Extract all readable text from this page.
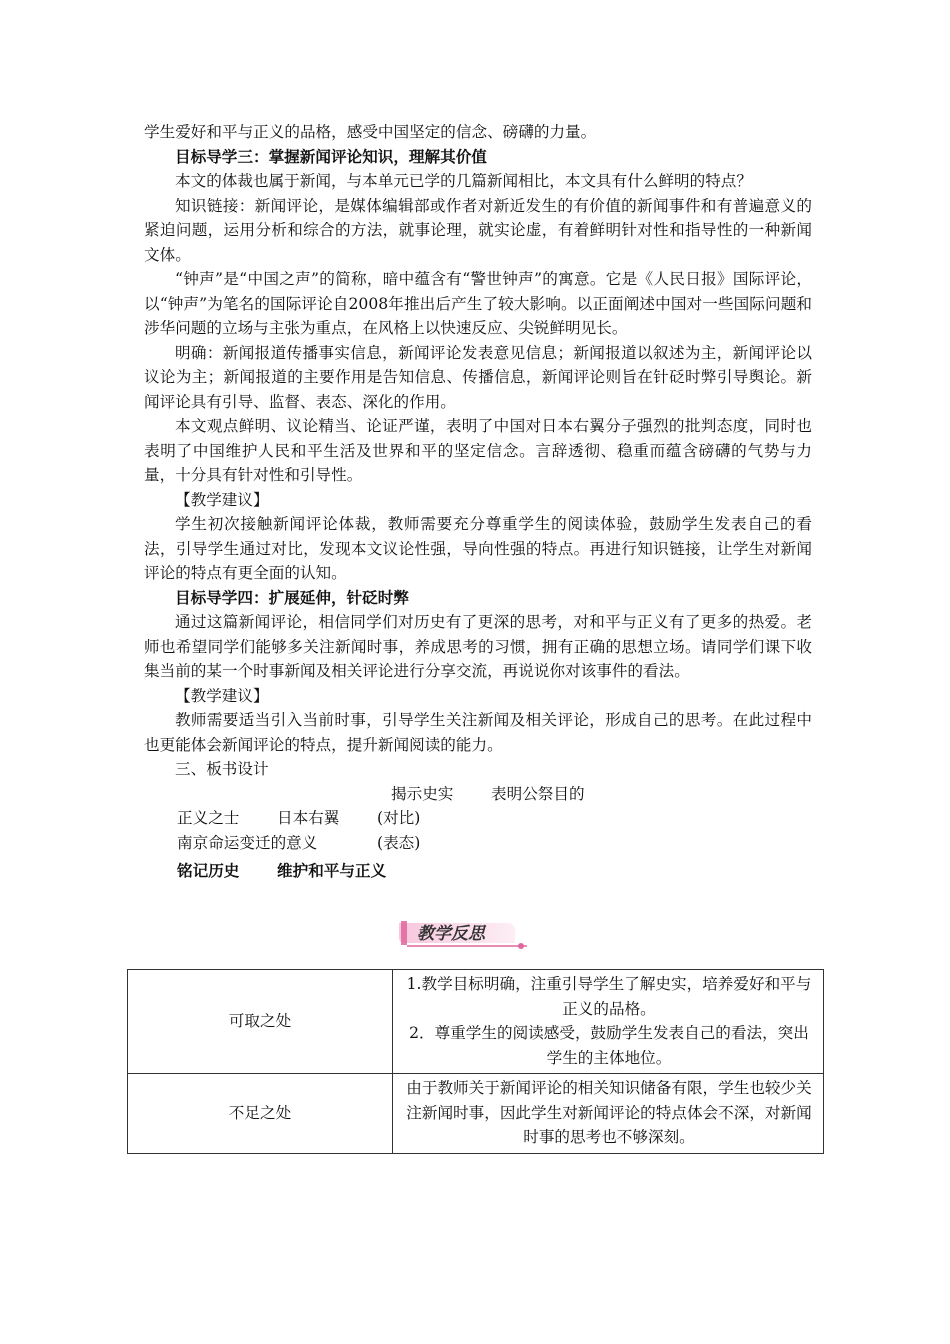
学生爱好和平与正义的品格，感受中国坚定的信念、磅礴的力量。

目标导学三：掌握新闻评论知识，理解其价值

本文的体裁也属于新闻，与本单元已学的几篇新闻相比，本文具有什么鲜明的特点？

知识链接：新闻评论，是媒体编辑部或作者对新近发生的有价值的新闻事件和有普遍意义的紧迫问题，运用分析和综合的方法，就事论理，就实论虚，有着鲜明针对性和指导性的一种新闻文体。

“钟声”是“中国之声”的简称，暗中蕴含有“警世钟声”的寓意。它是《人民日报》国际评论，以“钟声”为笔名的国际评论自2008年推出后产生了较大影响。以正面阐述中国对一些国际问题和涉华问题的立场与主张为重点，在风格上以快速反应、尖锐鲜明见长。

明确：新闻报道传播事实信息，新闻评论发表意见信息；新闻报道以叙述为主，新闻评论以议论为主；新闻报道的主要作用是告知信息、传播信息，新闻评论则旨在针砭时弊引导舆论。新闻评论具有引导、监督、表态、深化的作用。

本文观点鲜明、议论精当、论证严谨，表明了中国对日本右翼分子强烈的批判态度，同时也表明了中国维护人民和平生活及世界和平的坚定信念。言辞透彻、稳重而蕴含磅礴的气势与力量，十分具有针对性和引导性。

【教学建议】

学生初次接触新闻评论体裁，教师需要充分尊重学生的阅读体验，鼓励学生发表自己的看法，引导学生通过对比，发现本文议论性强，导向性强的特点。再进行知识链接，让学生对新闻评论的特点有更全面的认知。

目标导学四：扩展延伸，针砭时弊

通过这篇新闻评论，相信同学们对历史有了更深的思考，对和平与正义有了更多的热爱。老师也希望同学们能够多关注新闻时事，养成思考的习惯，拥有正确的思想立场。请同学们课下收集当前的某一个时事新闻及相关评论进行分享交流，再说说你对该事件的看法。

【教学建议】

教师需要适当引入当前时事，引导学生关注新闻及相关评论，形成自己的思考。在此过程中也更能体会新闻评论的特点，提升新闻阅读的能力。

三、板书设计

揭示史实 表明公祭目的
正义之士 日本右翼 (对比)
南京命运变迁的意义	(表态)
铭记历史 维护和平与正义
教学反思
可取之处	1.教学目标明确，注重引导学生了解史实，培养爱好和平与正义的品格。

2．尊重学生的阅读感受，鼓励学生发表自己的看法，突出学生的主体地位。

不足之处	由于教师关于新闻评论的相关知识储备有限，学生也较少关注新闻时事，因此学生对新闻评论的特点体会不深，对新闻时事的思考也不够深刻。
